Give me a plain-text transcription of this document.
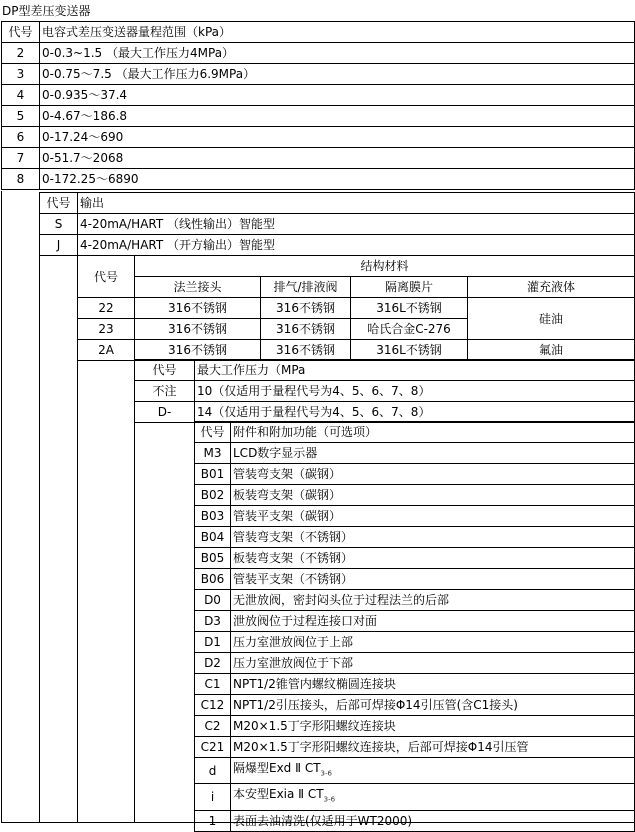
DP型差压变送器
代号	电容式差压变送器量程范围（kPa）
2	0-0.3~1.5 （最大工作压力4MPa）
3	0-0.75～7.5 （最大工作压力6.9MPa）
4	0-0.935～37.4
5	0-4.67～186.8
6	0-17.24～690
7	0-51.7～2068
8	0-172.25～6890
代号	输出
S	4-20mA/HART （线性输出）智能型
J	4-20mA/HART （开方输出）智能型
代号	结构材料			
	法兰接头	排气/排液阀	隔离膜片	灌充液体
22	316不锈钢	316不锈钢	316L不锈钢	硅油
23	316不锈钢	316不锈钢	哈氏合金C-276	
2A	316不锈钢	316不锈钢	316L不锈钢	氟油
代号	最大工作压力（MPa
不注	10（仅适用于量程代号为4、5、6、7、8）
D-	14（仅适用于量程代号为4、5、6、7、8）
代号	附件和附加功能（可选项）
M3	LCD数字显示器
B01	管装弯支架（碳钢）
B02	板装弯支架（碳钢）
B03	管装平支架（碳钢）
B04	管装弯支架（不锈钢）
B05	板装弯支架（不锈钢）
B06	管装平支架（不锈钢）
D0	无泄放阀，密封闷头位于过程法兰的后部
D3	泄放阀位于过程连接口对面
D1	压力室泄放阀位于上部
D2	压力室泄放阀位于下部
C1	NPT1/2锥管内螺纹椭圆连接块
C12	NPT1/2引压接头，后部可焊接Φ14引压管(含C1接头)
C2	M20×1.5丁字形阳螺纹连接块
C21	M20×1.5丁字形阳螺纹连接块，后部可焊接Φ14引压管
d	隔爆型Exd Ⅱ $CT_{3-6}$
i	本安型Exia Ⅱ $CT_{3-6}$
1	表面去油清洗(仅适用于WT2000)
